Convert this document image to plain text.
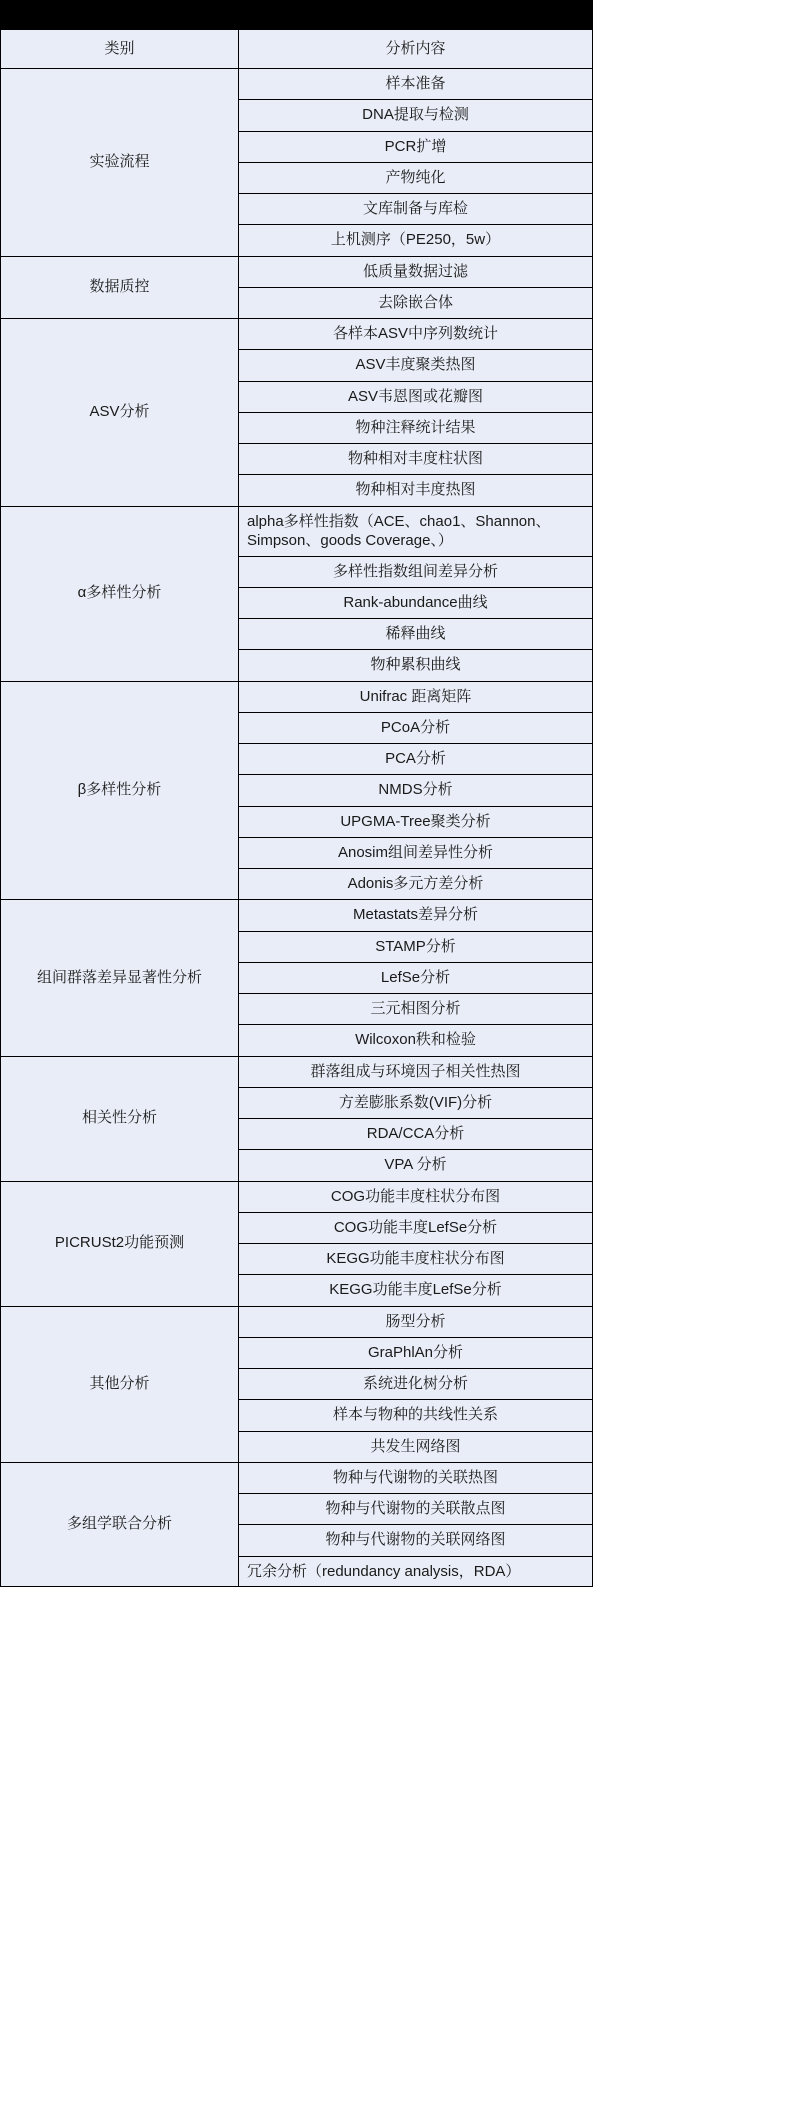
类别	分析内容
实验流程	样本准备
	DNA提取与检测
	PCR扩增
	产物纯化
	文库制备与库检
	上机测序（PE250，5w）
数据质控	低质量数据过滤
	去除嵌合体
ASV分析	各样本ASV中序列数统计
	ASV丰度聚类热图
	ASV韦恩图或花瓣图
	物种注释统计结果
	物种相对丰度柱状图
	物种相对丰度热图
α多样性分析	alpha多样性指数（ACE、chao1、Shannon、Simpson、goods Coverage、）
	多样性指数组间差异分析
	Rank-abundance曲线
	稀释曲线
	物种累积曲线
β多样性分析	Unifrac 距离矩阵
	PCoA分析
	PCA分析
	NMDS分析
	UPGMA-Tree聚类分析
	Anosim组间差异性分析
	Adonis多元方差分析
组间群落差异显著性分析	Metastats差异分析
	STAMP分析
	LefSe分析
	三元相图分析
	Wilcoxon秩和检验
相关性分析	群落组成与环境因子相关性热图
	方差膨胀系数(VIF)分析
	RDA/CCA分析
	VPA 分析
PICRUSt2功能预测	COG功能丰度柱状分布图
	COG功能丰度LefSe分析
	KEGG功能丰度柱状分布图
	KEGG功能丰度LefSe分析
其他分析	肠型分析
	GraPhlAn分析
	系统进化树分析
	样本与物种的共线性关系
	共发生网络图
多组学联合分析	物种与代谢物的关联热图
	物种与代谢物的关联散点图
	物种与代谢物的关联网络图
	冗余分析（redundancy analysis，RDA）
